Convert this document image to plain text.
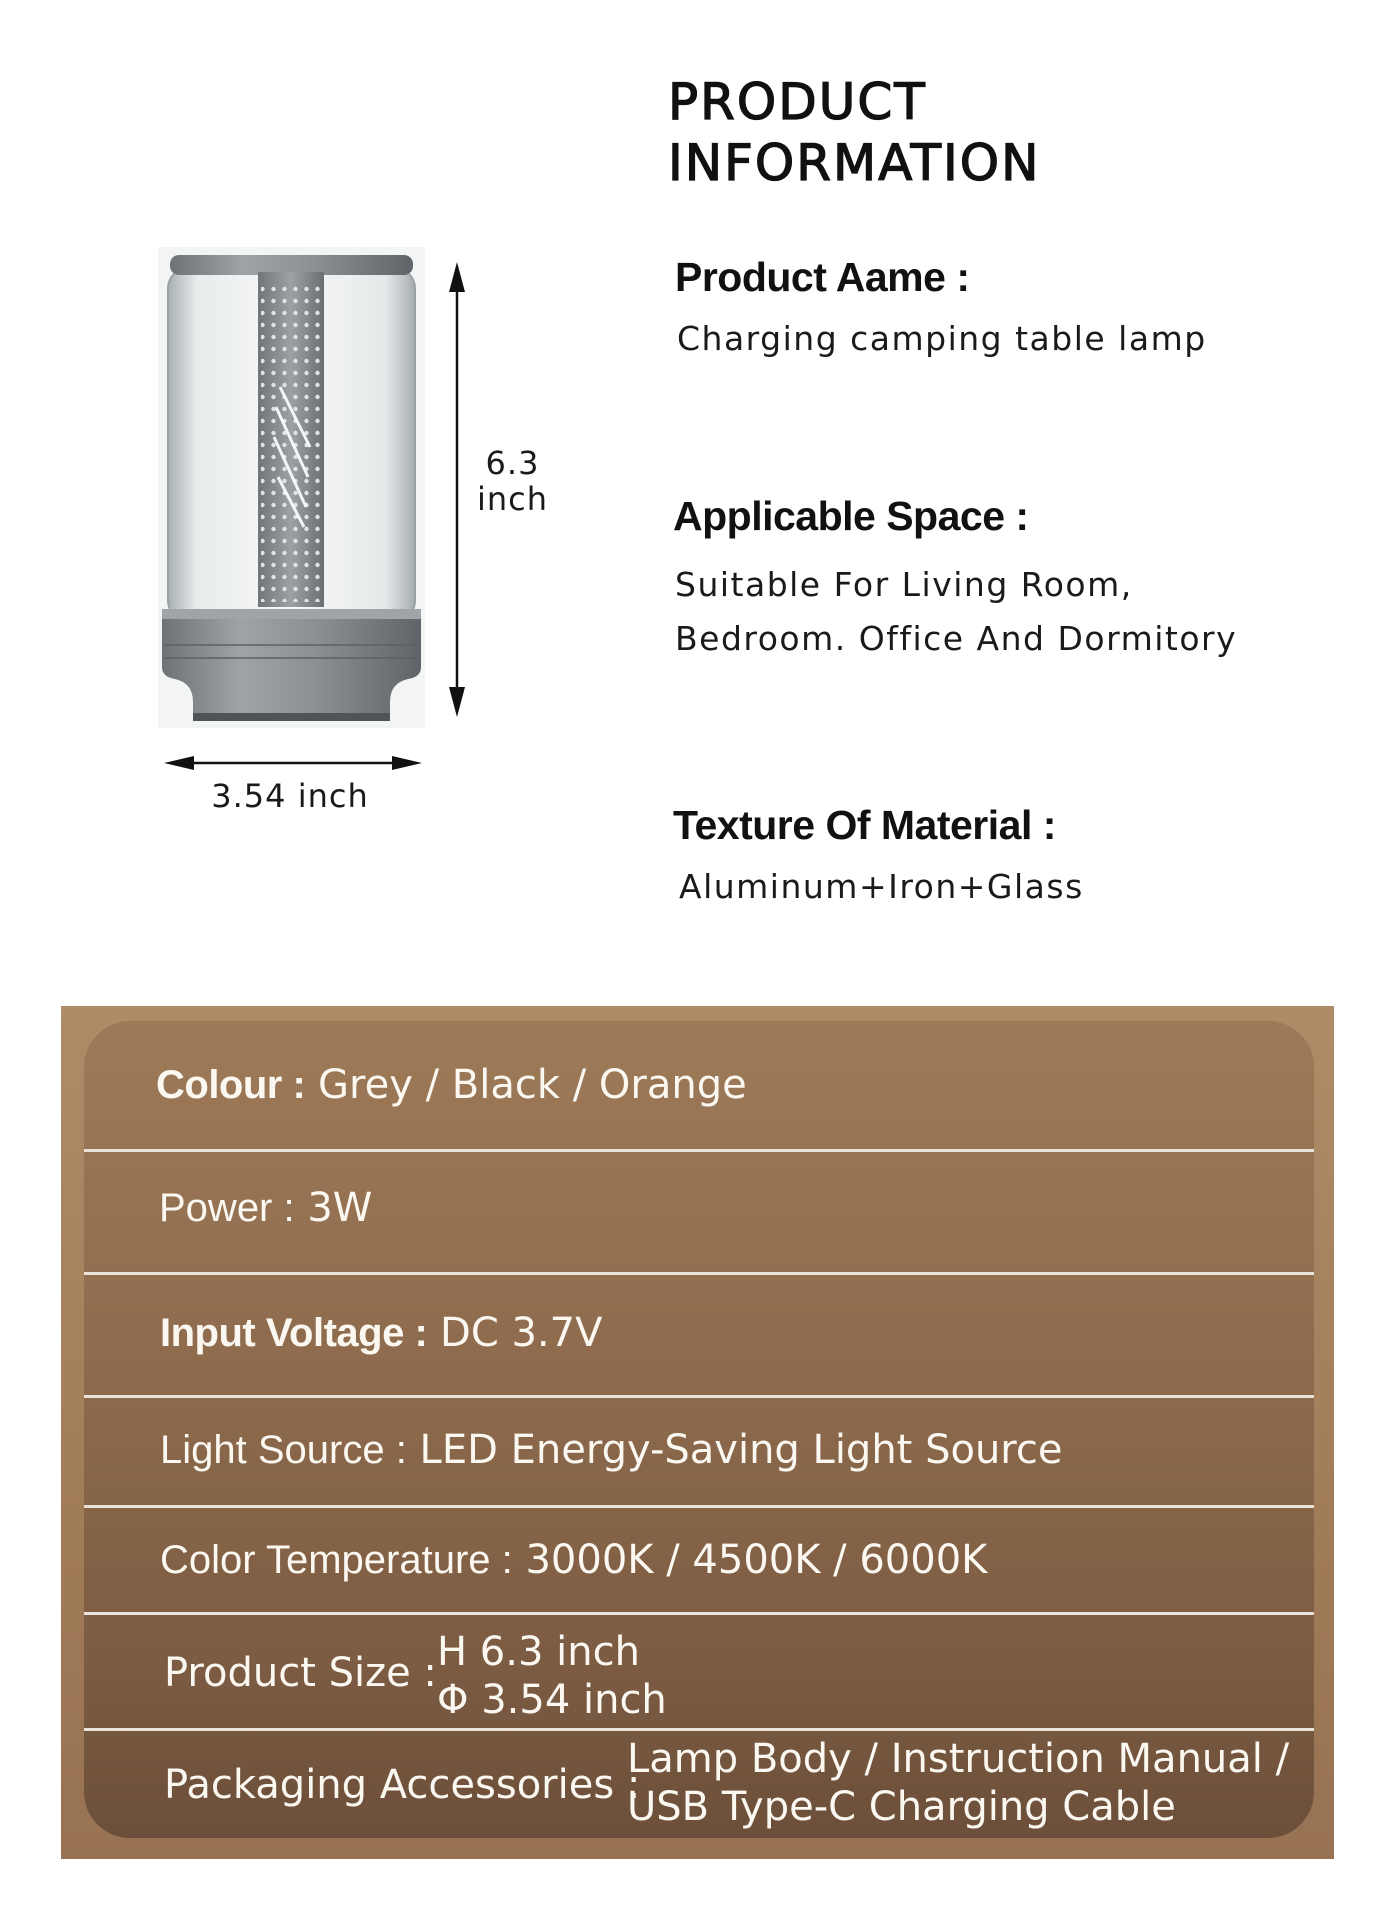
PRODUCT
INFORMATION
6.3
inch
3.54 inch
Product Aame :
Charging camping table lamp
Applicable Space :
Suitable For Living Room,
Bedroom. Office And Dormitory
Texture Of Material :
Aluminum+Iron+Glass
Colour : Grey / Black / Orange
Power : 3W
Input Voltage : DC 3.7V
Light Source : LED Energy-Saving Light Source
Color Temperature : 3000K / 4500K / 6000K
Product Size : H 6.3 inch
Φ 3.54 inch
Packaging Accessories :
Lamp Body / Instruction Manual /
USB Type-C Charging Cable
